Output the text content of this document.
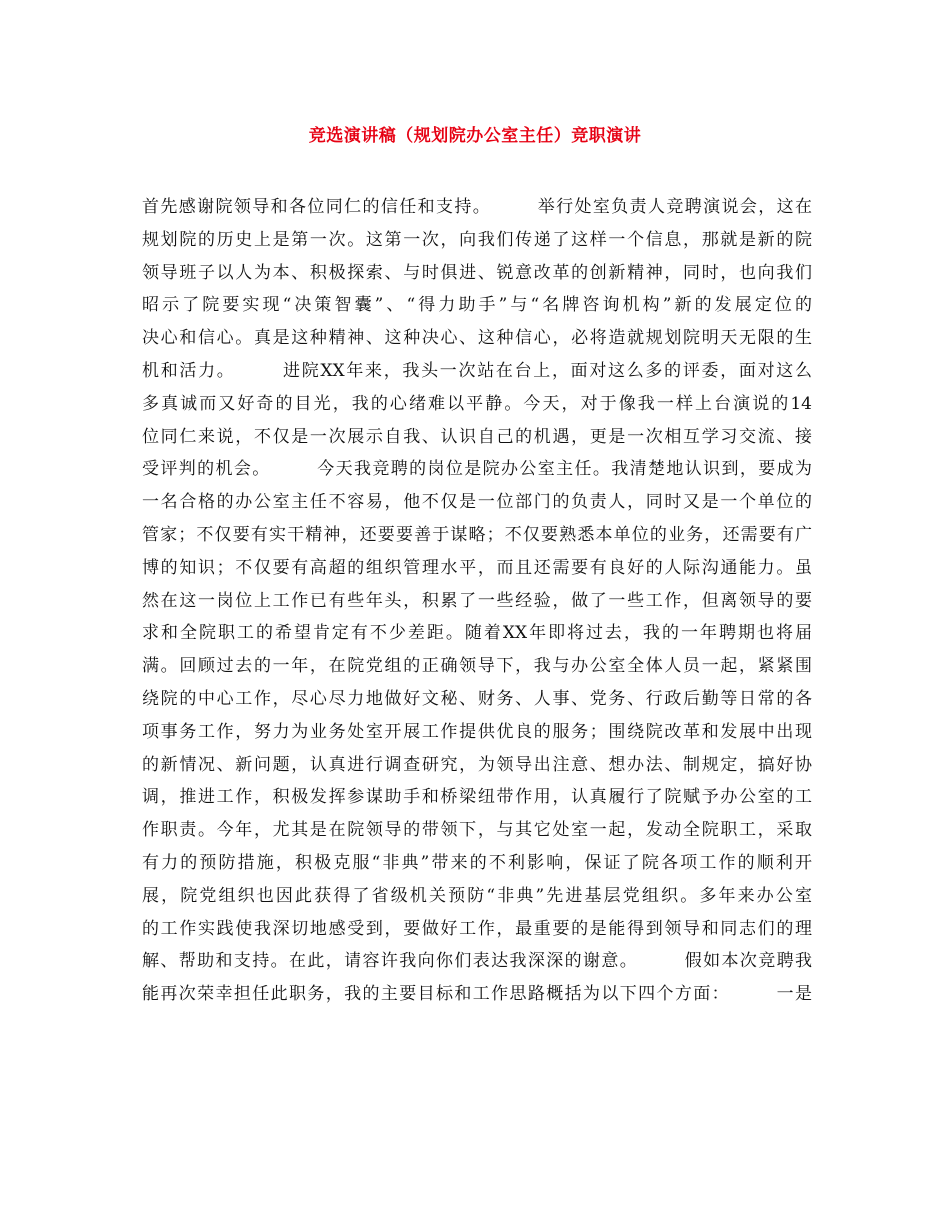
竞选演讲稿（规划院办公室主任）竞职演讲
首先感谢院领导和各位同仁的信任和支持。　　　举行处室负责人竞聘演说会，这在
规划院的历史上是第一次。这第一次，向我们传递了这样一个信息，那就是新的院
领导班子以人为本、积极探索、与时俱进、锐意改革的创新精神，同时，也向我们
昭示了院要实现“决策智囊”、“得力助手”与“名牌咨询机构”新的发展定位的
决心和信心。真是这种精神、这种决心、这种信心，必将造就规划院明天无限的生
机和活力。　　　进院XX年来，我头一次站在台上，面对这么多的评委，面对这么
多真诚而又好奇的目光，我的心绪难以平静。今天，对于像我一样上台演说的14
位同仁来说，不仅是一次展示自我、认识自己的机遇，更是一次相互学习交流、接
受评判的机会。　　　今天我竞聘的岗位是院办公室主任。我清楚地认识到，要成为
一名合格的办公室主任不容易，他不仅是一位部门的负责人，同时又是一个单位的
管家；不仅要有实干精神，还要要善于谋略；不仅要熟悉本单位的业务，还需要有广
博的知识；不仅要有高超的组织管理水平，而且还需要有良好的人际沟通能力。虽
然在这一岗位上工作已有些年头，积累了一些经验，做了一些工作，但离领导的要
求和全院职工的希望肯定有不少差距。随着XX年即将过去，我的一年聘期也将届
满。回顾过去的一年，在院党组的正确领导下，我与办公室全体人员一起，紧紧围
绕院的中心工作，尽心尽力地做好文秘、财务、人事、党务、行政后勤等日常的各
项事务工作，努力为业务处室开展工作提供优良的服务；围绕院改革和发展中出现
的新情况、新问题，认真进行调查研究，为领导出注意、想办法、制规定，搞好协
调，推进工作，积极发挥参谋助手和桥梁纽带作用，认真履行了院赋予办公室的工
作职责。今年，尤其是在院领导的带领下，与其它处室一起，发动全院职工，采取
有力的预防措施，积极克服“非典”带来的不利影响，保证了院各项工作的顺利开
展，院党组织也因此获得了省级机关预防“非典”先进基层党组织。多年来办公室
的工作实践使我深切地感受到，要做好工作，最重要的是能得到领导和同志们的理
解、帮助和支持。在此，请容许我向你们表达我深深的谢意。　　　假如本次竞聘我
能再次荣幸担任此职务，我的主要目标和工作思路概括为以下四个方面：　　　一是
